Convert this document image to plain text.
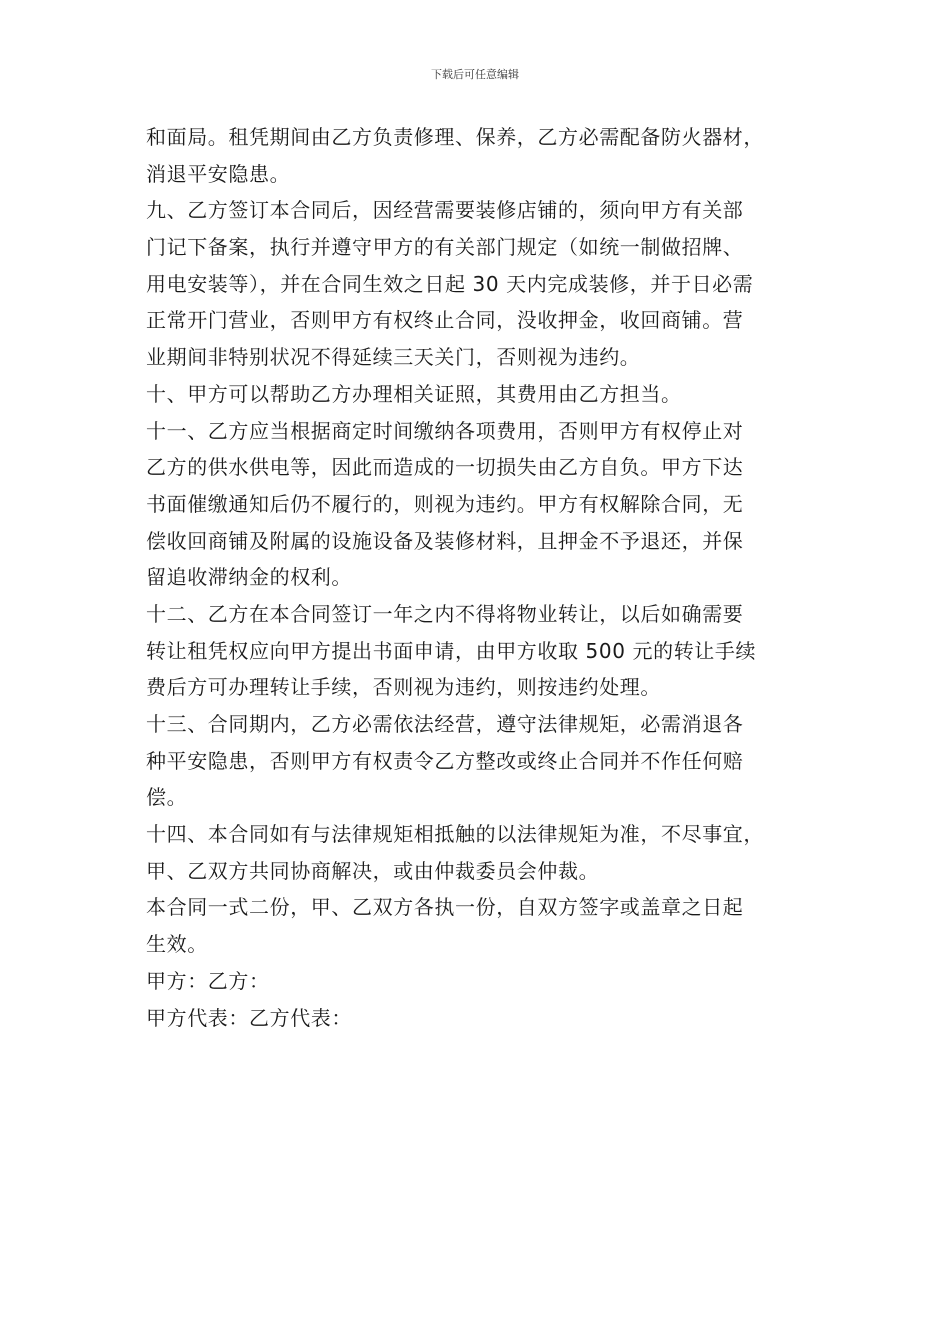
下载后可任意编辑
和面局。租凭期间由乙方负责修理、保养，乙方必需配备防火器材，
消退平安隐患。
九、乙方签订本合同后，因经营需要装修店铺的，须向甲方有关部
门记下备案，执行并遵守甲方的有关部门规定（如统一制做招牌、
用电安装等），并在合同生效之日起 30 天内完成装修，并于日必需
正常开门营业，否则甲方有权终止合同，没收押金，收回商铺。营
业期间非特别状况不得延续三天关门，否则视为违约。
十、甲方可以帮助乙方办理相关证照，其费用由乙方担当。
十一、乙方应当根据商定时间缴纳各项费用，否则甲方有权停止对
乙方的供水供电等，因此而造成的一切损失由乙方自负。甲方下达
书面催缴通知后仍不履行的，则视为违约。甲方有权解除合同，无
偿收回商铺及附属的设施设备及装修材料，且押金不予退还，并保
留追收滞纳金的权利。
十二、乙方在本合同签订一年之内不得将物业转让，以后如确需要
转让租凭权应向甲方提出书面申请，由甲方收取 500 元的转让手续
费后方可办理转让手续，否则视为违约，则按违约处理。
十三、合同期内，乙方必需依法经营，遵守法律规矩，必需消退各
种平安隐患，否则甲方有权责令乙方整改或终止合同并不作任何赔
偿。
十四、本合同如有与法律规矩相抵触的以法律规矩为准，不尽事宜，
甲、乙双方共同协商解决，或由仲裁委员会仲裁。
本合同一式二份，甲、乙双方各执一份，自双方签字或盖章之日起
生效。
甲方：乙方：
甲方代表：乙方代表：
